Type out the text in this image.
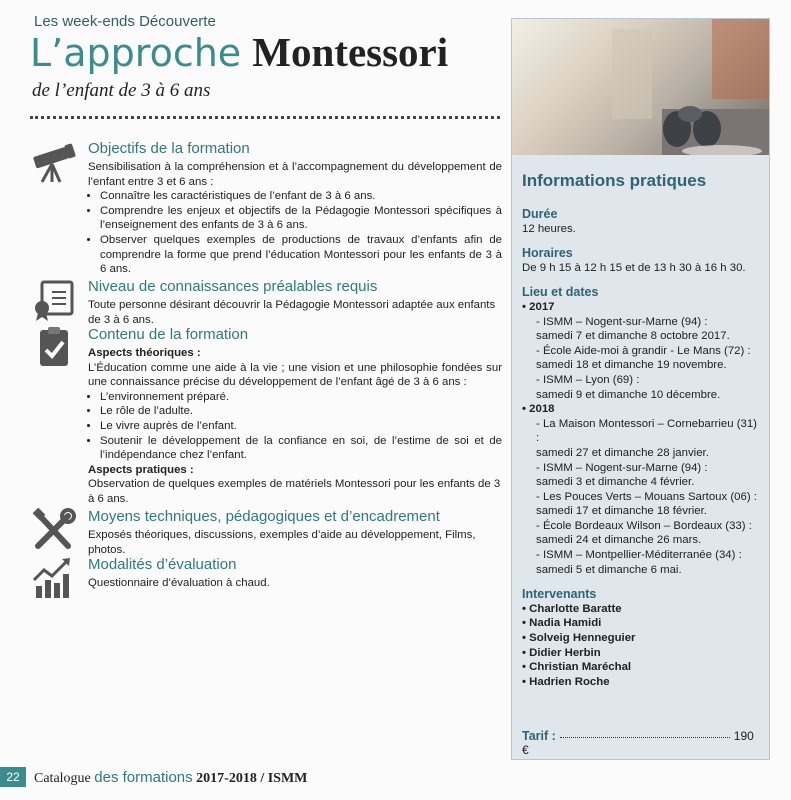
Les week-ends Découverte
L’approche Montessori
de l’enfant de 3 à 6 ans
Objectifs de la formation
Sensibilisation à la compréhension et à l’accompagnement du développement de l’enfant entre 3 et 6 ans :
• Connaître les caractéristiques de l’enfant de 3 à 6 ans.
• Comprendre les enjeux et objectifs de la Pédagogie Montessori spécifiques à l’enseignement des enfants de 3 à 6 ans.
• Observer quelques exemples de productions de travaux d’enfants afin de comprendre la forme que prend l’éducation Montessori pour les enfants de 3 à 6 ans.
Niveau de connaissances préalables requis
Toute personne désirant découvrir la Pédagogie Montessori adaptée aux enfants de 3 à 6 ans.
Contenu de la formation
Aspects théoriques :
L’Éducation comme une aide à la vie ; une vision et une philosophie fondées sur une connaissance précise du développement de l’enfant âgé de 3 à 6 ans :
• L’environnement préparé.
• Le rôle de l’adulte.
• Le vivre auprès de l’enfant.
• Soutenir le développement de la confiance en soi, de l’estime de soi et de l’indépendance chez l’enfant.
Aspects pratiques :
Observation de quelques exemples de matériels Montessori pour les enfants de 3 à 6 ans.
Moyens techniques, pédagogiques et d’encadrement
Exposés théoriques, discussions, exemples d’aide au développement, Films, photos.
Modalités d’évaluation
Questionnaire d’évaluation à chaud.
Informations pratiques
Durée
12 heures.
Horaires
De 9 h 15 à 12 h 15 et de 13 h 30 à 16 h 30.
Lieu et dates
• 2017
- ISMM – Nogent-sur-Marne (94) :
samedi 7 et dimanche 8 octobre 2017.
- École Aide-moi à grandir - Le Mans (72) :
samedi 18 et dimanche 19 novembre.
- ISMM – Lyon (69) :
samedi 9 et dimanche 10 décembre.
• 2018
- La Maison Montessori – Cornebarrieu (31) :
samedi 27 et dimanche 28 janvier.
- ISMM – Nogent-sur-Marne (94) :
samedi 3 et dimanche 4 février.
- Les Pouces Verts – Mouans Sartoux (06) :
samedi 17 et dimanche 18 février.
- École Bordeaux Wilson – Bordeaux (33) :
samedi 24 et dimanche 26 mars.
- ISMM – Montpellier-Méditerranée (34) :
samedi 5 et dimanche 6 mai.
Intervenants
• Charlotte Baratte
• Nadia Hamidi
• Solveig Henneguier
• Didier Herbin
• Christian Maréchal
• Hadrien Roche
Tarif :	190 €
22	Catalogue des formations 2017-2018 / ISMM
